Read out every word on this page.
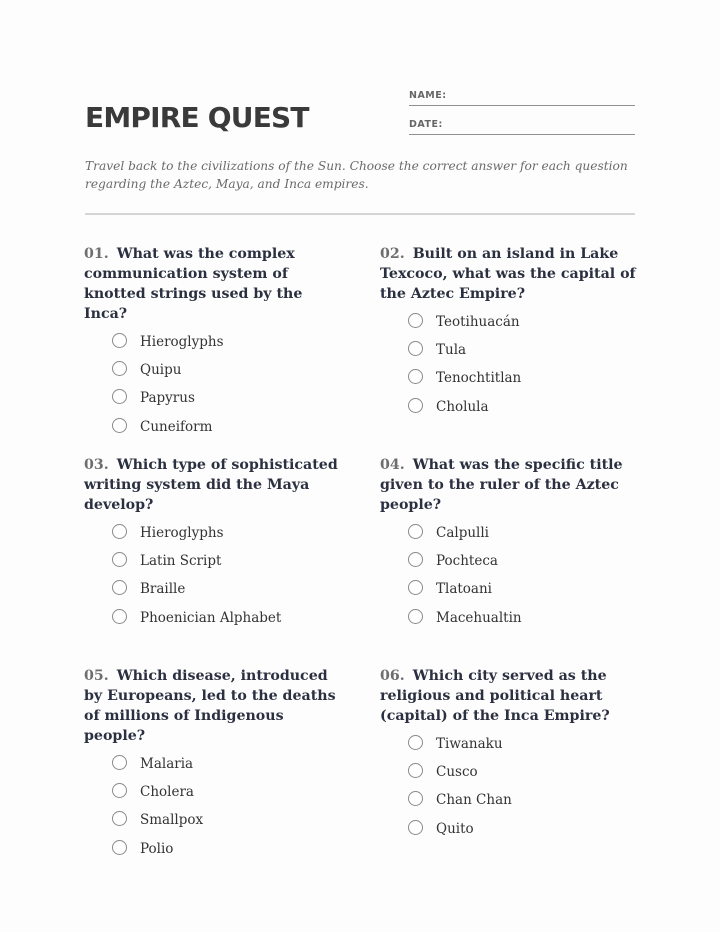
EMPIRE QUEST
NAME:
DATE:

Travel back to the civilizations of the Sun. Choose the correct answer for each question regarding the Aztec, Maya, and Inca empires.

01. What was the complex communication system of knotted strings used by the Inca?

Hieroglyphs
Quipu
Papyrus
Cuneiform

02. Built on an island in Lake Texcoco, what was the capital of the Aztec Empire?

Teotihuacán
Tula
Tenochtitlan
Cholula

03. Which type of sophisticated writing system did the Maya develop?

Hieroglyphs
Latin Script
Braille
Phoenician Alphabet

04. What was the specific title given to the ruler of the Aztec people?

Calpulli
Pochteca
Tlatoani
Macehualtin

05. Which disease, introduced by Europeans, led to the deaths of millions of Indigenous people?

Malaria
Cholera
Smallpox
Polio

06. Which city served as the religious and political heart (capital) of the Inca Empire?

Tiwanaku
Cusco
Chan Chan
Quito
